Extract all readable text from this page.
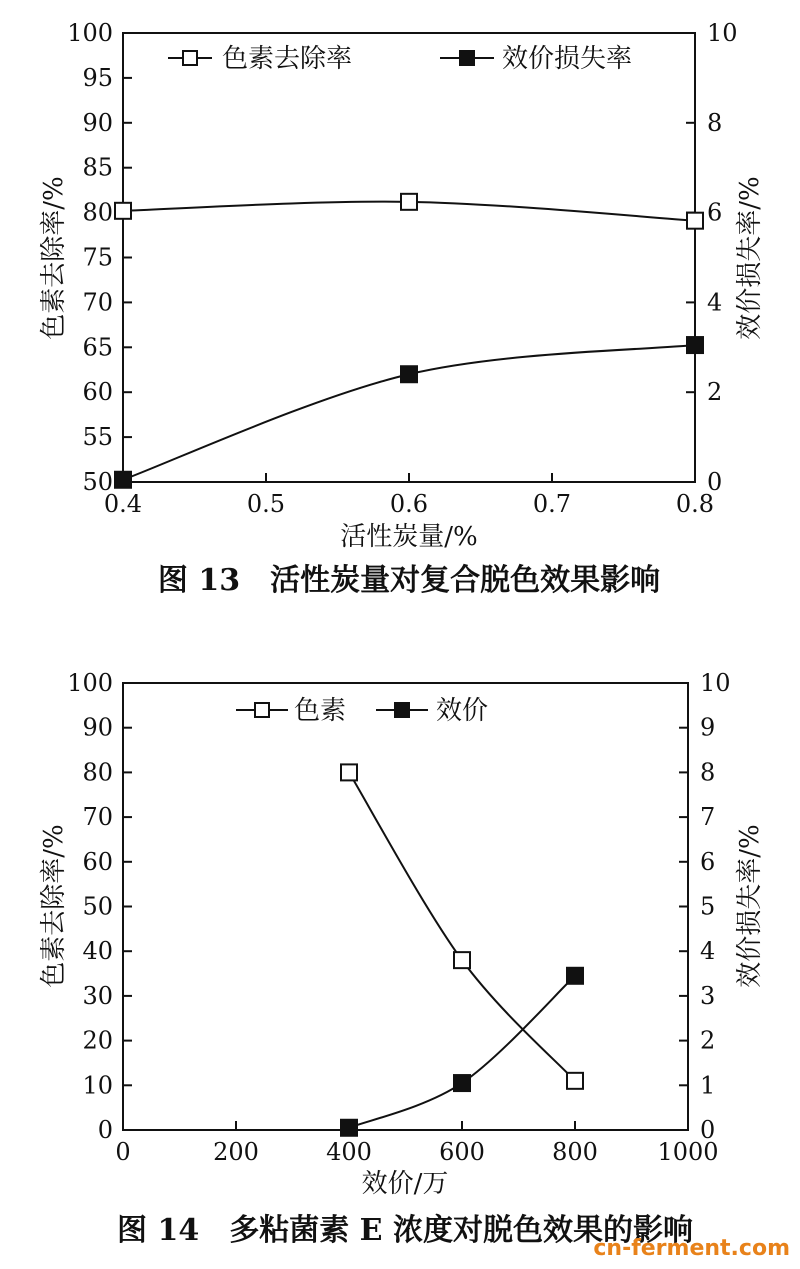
活性炭量/%
色素去除率/%	效价损失率/%
图 13　活性炭量对复合脱色效果影响
色素去除率	效价损失率
0.4	0.5	0.6	0.7	0.8
50
55
60
65
70
75
80
85
90
95
100
0
2
4
6
8
10
效价/万
色素去除率/%	效价损失率/%
图 14　多粘菌素 E 浓度对脱色效果的影响
色素	效价
0	200	400	600	800 1000
0
10
20
30
40
50
60
70
80
90
100
0
1
2
3
4
5
6
7
8
9
10
cn-ferment.com
